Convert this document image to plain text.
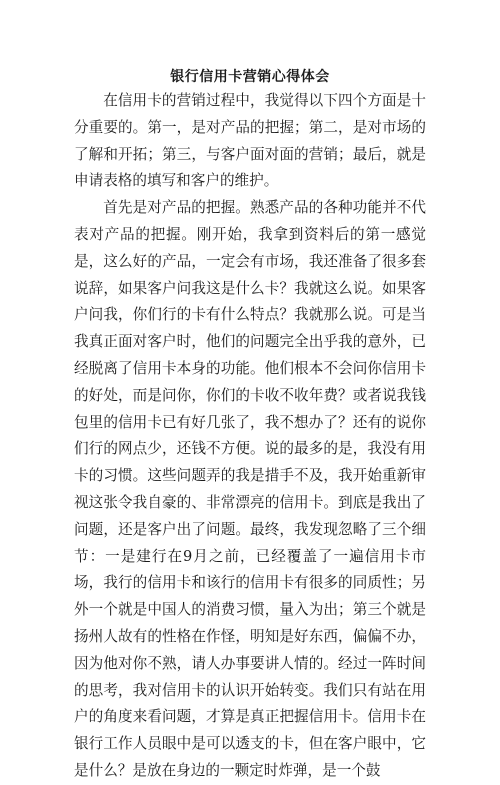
银行信用卡营销心得体会

在信用卡的营销过程中，我觉得以下四个方面是十分重要的。第一，是对产品的把握；第二，是对市场的了解和开拓；第三，与客户面对面的营销；最后，就是申请表格的填写和客户的维护。

首先是对产品的把握。熟悉产品的各种功能并不代表对产品的把握。刚开始，我拿到资料后的第一感觉是，这么好的产品，一定会有市场，我还准备了很多套说辞，如果客户问我这是什么卡？我就这么说。如果客户问我，你们行的卡有什么特点？我就那么说。可是当我真正面对客户时，他们的问题完全出乎我的意外，已经脱离了信用卡本身的功能。他们根本不会问你信用卡的好处，而是问你，你们的卡收不收年费？或者说我钱包里的信用卡已有好几张了，我不想办了？还有的说你们行的网点少，还钱不方便。说的最多的是，我没有用卡的习惯。这些问题弄的我是措手不及，我开始重新审视这张令我自豪的、非常漂亮的信用卡。到底是我出了问题，还是客户出了问题。最终，我发现忽略了三个细节：一是建行在9月之前，已经覆盖了一遍信用卡市场，我行的信用卡和该行的信用卡有很多的同质性；另外一个就是中国人的消费习惯，量入为出；第三个就是扬州人故有的性格在作怪，明知是好东西，偏偏不办，因为他对你不熟，请人办事要讲人情的。经过一阵时间的思考，我对信用卡的认识开始转变。我们只有站在用户的角度来看问题，才算是真正把握信用卡。信用卡在银行工作人员眼中是可以透支的卡，但在客户眼中，它是什么？是放在身边的一颗定时炸弹，是一个鼓
